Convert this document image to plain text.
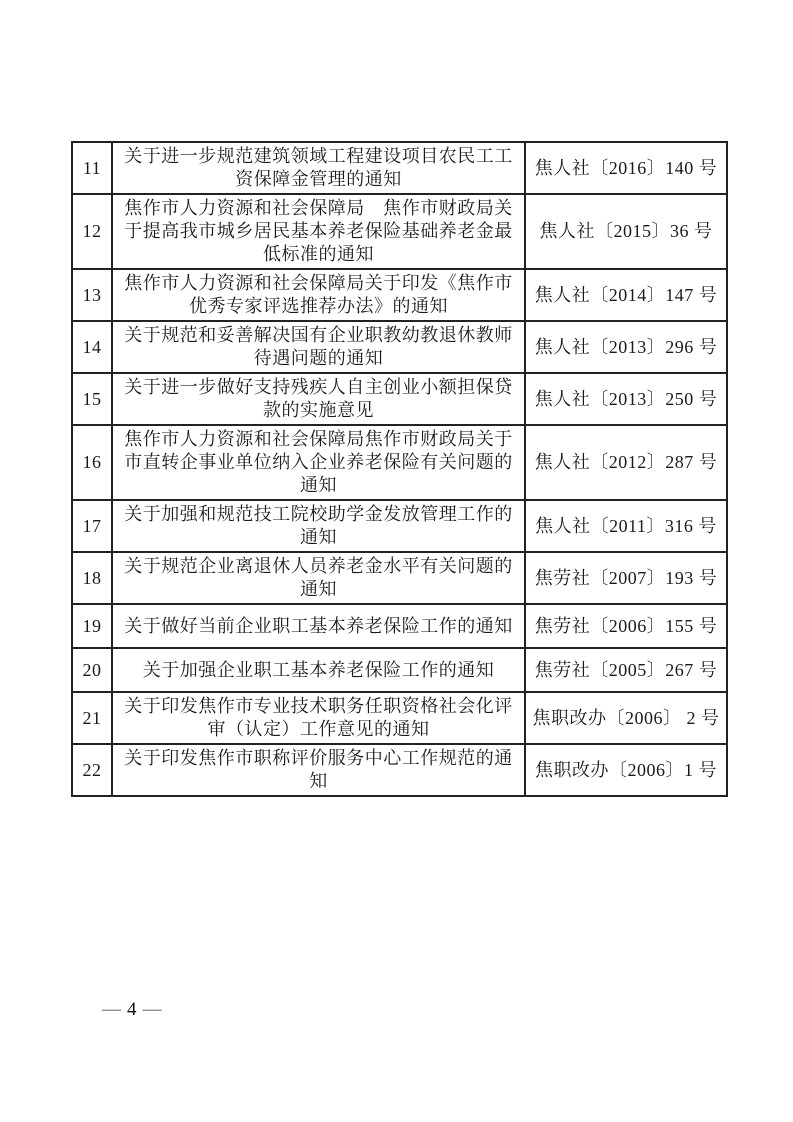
11	关于进一步规范建筑领域工程建设项目农民工工资保障金管理的通知	焦人社〔2016〕140 号
12	焦作市人力资源和社会保障局　焦作市财政局关于提高我市城乡居民基本养老保险基础养老金最低标准的通知	焦人社〔2015〕36 号
13	焦作市人力资源和社会保障局关于印发《焦作市优秀专家评选推荐办法》的通知	焦人社〔2014〕147 号
14	关于规范和妥善解决国有企业职教幼教退休教师待遇问题的通知	焦人社〔2013〕296 号
15	关于进一步做好支持残疾人自主创业小额担保贷款的实施意见	焦人社〔2013〕250 号
16	焦作市人力资源和社会保障局焦作市财政局关于市直转企事业单位纳入企业养老保险有关问题的通知	焦人社〔2012〕287 号
17	关于加强和规范技工院校助学金发放管理工作的通知	焦人社〔2011〕316 号
18	关于规范企业离退休人员养老金水平有关问题的通知	焦劳社〔2007〕193 号
19	关于做好当前企业职工基本养老保险工作的通知	焦劳社〔2006〕155 号
20	关于加强企业职工基本养老保险工作的通知	焦劳社〔2005〕267 号
21	关于印发焦作市专业技术职务任职资格社会化评审（认定）工作意见的通知	焦职改办〔2006〕 2 号
22	关于印发焦作市职称评价服务中心工作规范的通知	焦职改办〔2006〕1 号
— 4 —
